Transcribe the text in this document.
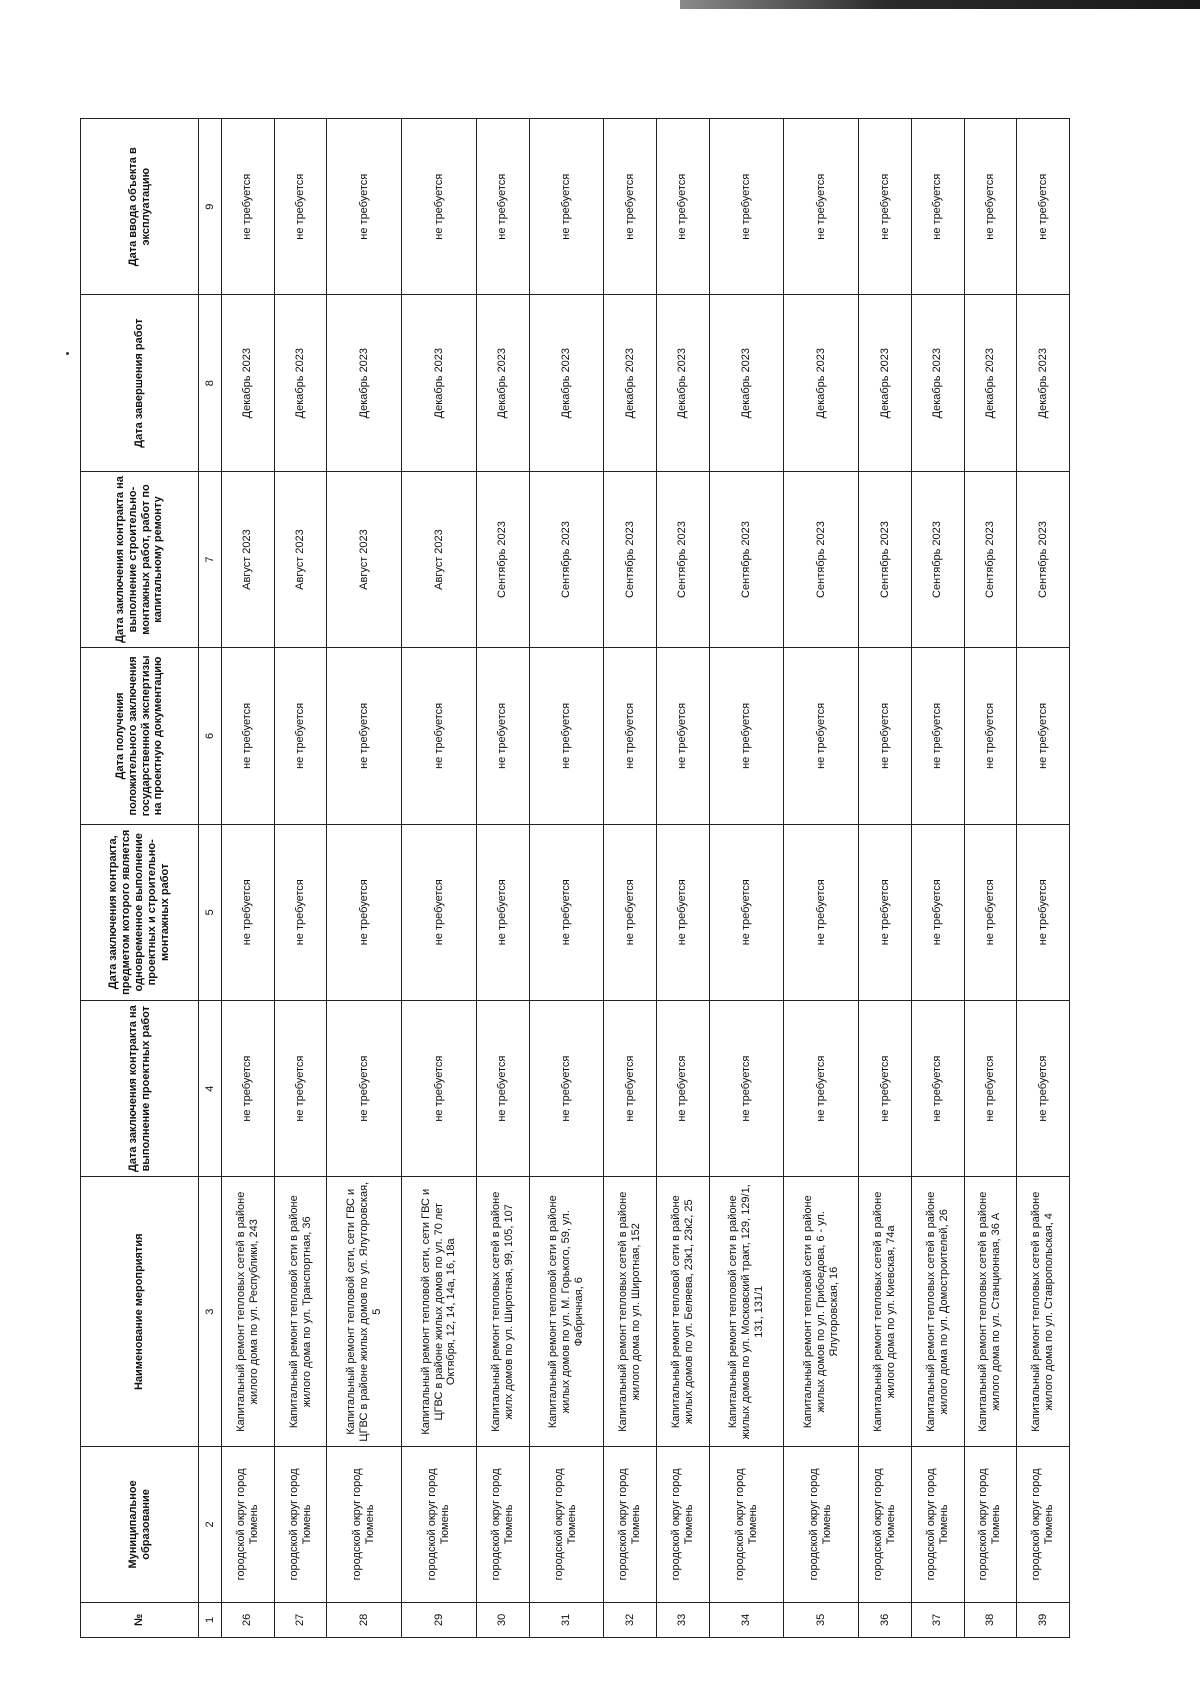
№	Муниципальное образование	Наименование мероприятия	Дата заключения контракта на выполнение проектных работ	Дата заключения контракта, предметом которого является одновременное выполнение проектных и строительно-монтажных работ	Дата получения положительного заключения государственной экспертизы на проектную документацию	Дата заключения контракта на выполнение строительно-монтажных работ, работ по капитальному ремонту	Дата завершения работ	Дата ввода объекта в эксплуатацию
1	2	3	4	5	6	7	8	9
26	городской округ город Тюмень	Капитальный ремонт тепловых сетей в районе жилого дома по ул. Республики, 243	не требуется	не требуется	не требуется	Август 2023	Декабрь 2023	не требуется
27	городской округ город Тюмень	Капитальный ремонт тепловой сети в районе жилого дома по ул. Транспортная, 36	не требуется	не требуется	не требуется	Август 2023	Декабрь 2023	не требуется
28	городской округ город Тюмень	Капитальный ремонт тепловой сети, сети ГВС и ЦГВС в районе жилых домов по ул. Ялуторовская, 5	не требуется	не требуется	не требуется	Август 2023	Декабрь 2023	не требуется
29	городской округ город Тюмень	Капитальный ремонт тепловой сети, сети ГВС и ЦГВС в районе жилых домов по ул. 70 лет Октября, 12, 14, 14а, 16, 18а	не требуется	не требуется	не требуется	Август 2023	Декабрь 2023	не требуется
30	городской округ город Тюмень	Капитальный ремонт тепловых сетей в районе жилх домов по ул. Широтная, 99, 105, 107	не требуется	не требуется	не требуется	Сентябрь 2023	Декабрь 2023	не требуется
31	городской округ город Тюмень	Капитальный ремонт тепловой сети в районе жилых домов по ул. М. Горького, 59, ул. Фабричная, 6	не требуется	не требуется	не требуется	Сентябрь 2023	Декабрь 2023	не требуется
32	городской округ город Тюмень	Капитальный ремонт тепловых сетей в районе жилого дома по ул. Широтная, 152	не требуется	не требуется	не требуется	Сентябрь 2023	Декабрь 2023	не требуется
33	городской округ город Тюмень	Капитальный ремонт тепловой сети в районе жилых домов по ул. Беляева, 23к1, 23к2, 25	не требуется	не требуется	не требуется	Сентябрь 2023	Декабрь 2023	не требуется
34	городской округ город Тюмень	Капитальный ремонт тепловой сети в районе жилых домов по ул. Московский тракт, 129, 129/1, 131, 131/1	не требуется	не требуется	не требуется	Сентябрь 2023	Декабрь 2023	не требуется
35	городской округ город Тюмень	Капитальный ремонт тепловой сети в районе жилых домов по ул. Грибоедова, 6 - ул. Ялуторовская, 16	не требуется	не требуется	не требуется	Сентябрь 2023	Декабрь 2023	не требуется
36	городской округ город Тюмень	Капитальный ремонт тепловых сетей в районе жилого дома по ул. Киевская, 74а	не требуется	не требуется	не требуется	Сентябрь 2023	Декабрь 2023	не требуется
37	городской округ город Тюмень	Капитальный ремонт тепловых сетей в районе жилого дома по ул. Домостроителей, 26	не требуется	не требуется	не требуется	Сентябрь 2023	Декабрь 2023	не требуется
38	городской округ город Тюмень	Капитальный ремонт тепловых сетей в районе жилого дома по ул. Станционная, 36 А	не требуется	не требуется	не требуется	Сентябрь 2023	Декабрь 2023	не требуется
39	городской округ город Тюмень	Капитальный ремонт тепловых сетей в районе жилого дома по ул. Ставропольская, 4	не требуется	не требуется	не требуется	Сентябрь 2023	Декабрь 2023	не требуется
